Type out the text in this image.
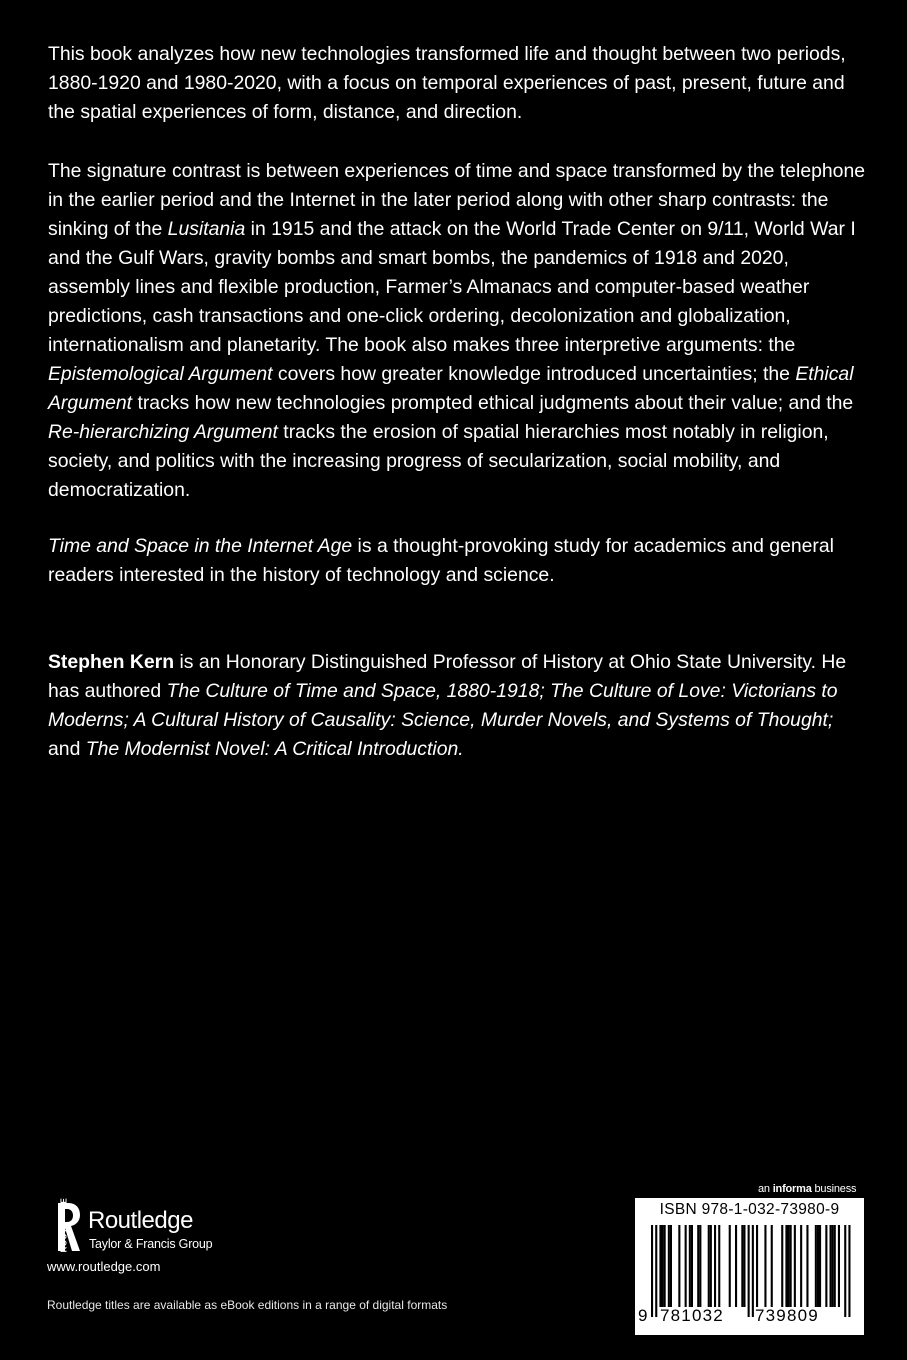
This book analyzes how new technologies transformed life and thought between two periods, 1880-1920 and 1980-2020, with a focus on temporal experiences of past, present, future and the spatial experiences of form, distance, and direction.

The signature contrast is between experiences of time and space transformed by the telephone in the earlier period and the Internet in the later period along with other sharp contrasts: the sinking of the Lusitania in 1915 and the attack on the World Trade Center on 9/11, World War I and the Gulf Wars, gravity bombs and smart bombs, the pandemics of 1918 and 2020, assembly lines and flexible production, Farmer’s Almanacs and computer-based weather predictions, cash transactions and one-click ordering, decolonization and globalization, internationalism and planetarity. The book also makes three interpretive arguments: the Epistemological Argument covers how greater knowledge introduced uncertainties; the Ethical Argument tracks how new technologies prompted ethical judgments about their value; and the Re-hierarchizing Argument tracks the erosion of spatial hierarchies most notably in religion, society, and politics with the increasing progress of secularization, social mobility, and democratization.

Time and Space in the Internet Age is a thought-provoking study for academics and general readers interested in the history of technology and science.

Stephen Kern is an Honorary Distinguished Professor of History at Ohio State University. He has authored The Culture of Time and Space, 1880-1918; The Culture of Love: Victorians to Moderns; A Cultural History of Causality: Science, Murder Novels, and Systems of Thought; and The Modernist Novel: A Critical Introduction.

Routledge
Taylor & Francis Group
www.routledge.com
Routledge titles are available as eBook editions in a range of digital formats
an informa business
ISBN 978-1-032-73980-9
9 781032 739809
